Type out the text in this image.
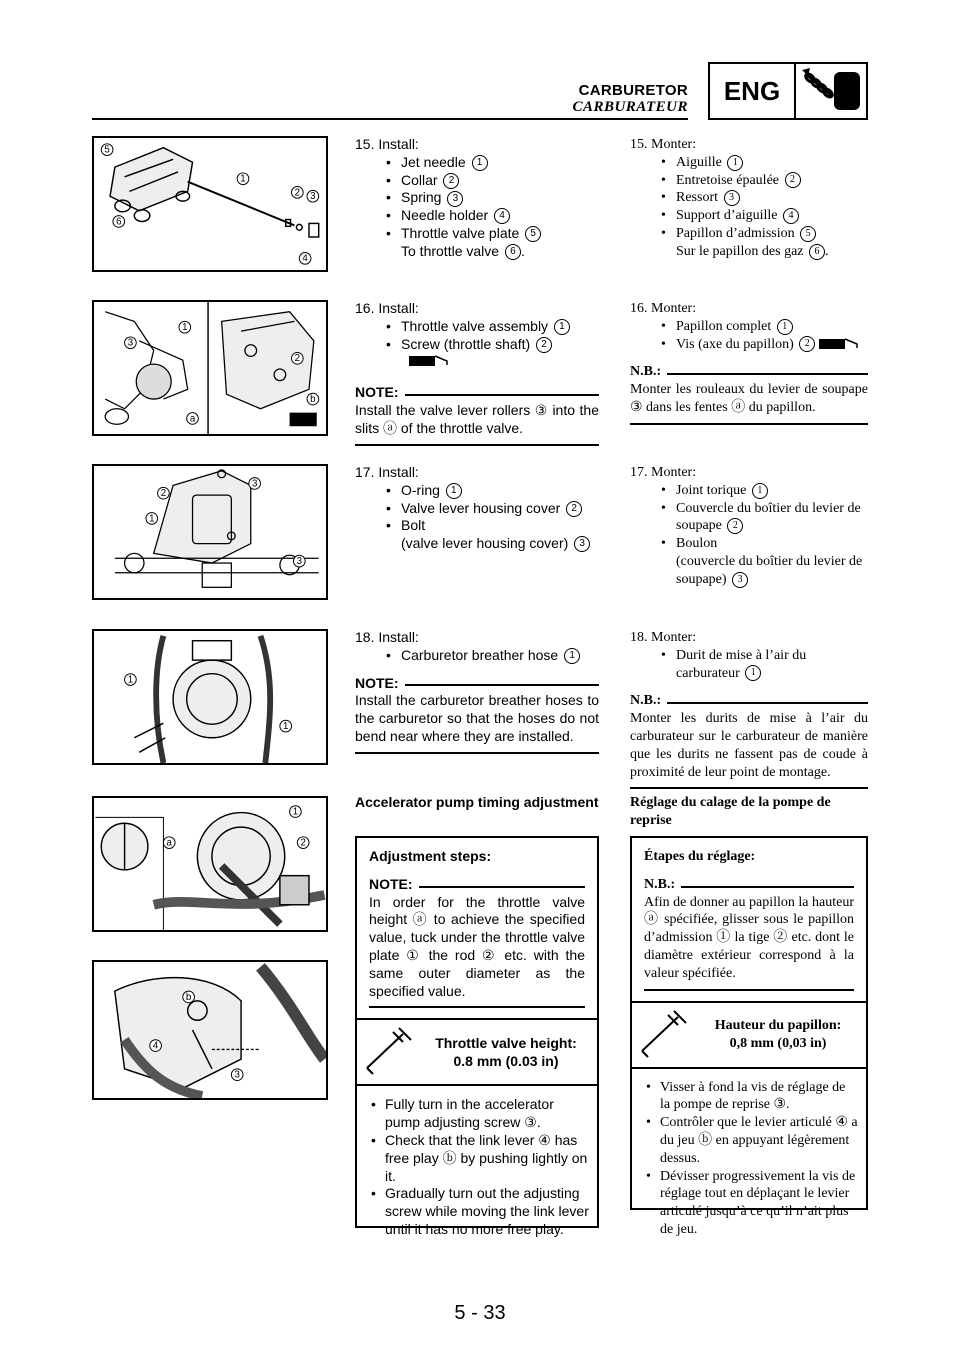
CARBURETOR
CARBURATEUR
ENG
5
1
2 3
6
4
1
3
2
a
b
3
2
1
3
1
1
1
2
a
b
4
3

15. Install:

• Jet needle 1

• Collar 2

• Spring 3

• Needle holder 4

• Throttle valve plate 5

To throttle valve 6 .

15. Monter:

• Aiguille 1

• Entretoise épaulée 2

• Ressort 3

• Support d’aiguille 4

• Papillon d’admission 5

Sur le papillon des gaz 6 .

16. Install:

• Throttle valve assembly 1

• Screw (throttle shaft) 2

NOTE:

Install the valve lever rollers ③ into the slits ⓐ of the throttle valve.

16. Monter:

• Papillon complet 1

• Vis (axe du papillon) 2

N.B.:

Monter les rouleaux du levier de soupape ③ dans les fentes ⓐ du papillon.

17. Install:

• O-ring 1

• Valve lever housing cover 2

• Bolt

(valve lever housing cover) 3

17. Monter:

• Joint torique 1

• Couvercle du boîtier du levier de soupape 2

• Boulon

(couvercle du boîtier du levier de soupape) 3

18. Install:

• Carburetor breather hose 1

NOTE:

Install the carburetor breather hoses to the carburetor so that the hoses do not bend near where they are installed.

18. Monter:

• Durit de mise à l’air du carburateur 1

N.B.:

Monter les durits de mise à l’air du carburateur sur le carburateur de manière que les durits ne fassent pas de coude à proximité de leur point de montage.

Accelerator pump timing adjustment Réglage du calage de la pompe de reprise
Adjustment steps:
NOTE:

In order for the throttle valve height ⓐ to achieve the specified value, tuck under the throttle valve plate ① the rod ② etc. with the same outer diameter as the specified value.

Throttle valve height:
0.8 mm (0.03 in)

• Fully turn in the accelerator pump adjusting screw ③.

• Check that the link lever ④ has free play ⓑ by pushing lightly on it.

• Gradually turn out the adjusting screw while moving the link lever until it has no more free play.

Étapes du réglage:
N.B.:

Afin de donner au papillon la hauteur ⓐ spécifiée, glisser sous le papillon d’admission ① la tige ② etc. dont le diamètre extérieur correspond à la valeur spécifiée.

Hauteur du papillon:
0,8 mm (0,03 in)

• Visser à fond la vis de réglage de la pompe de reprise ③.

• Contrôler que le levier articulé ④ a du jeu ⓑ en appuyant légèrement dessus.

• Dévisser progressivement la vis de réglage tout en déplaçant le levier articulé jusqu’à ce qu’il n’ait plus de jeu.

5 - 33
